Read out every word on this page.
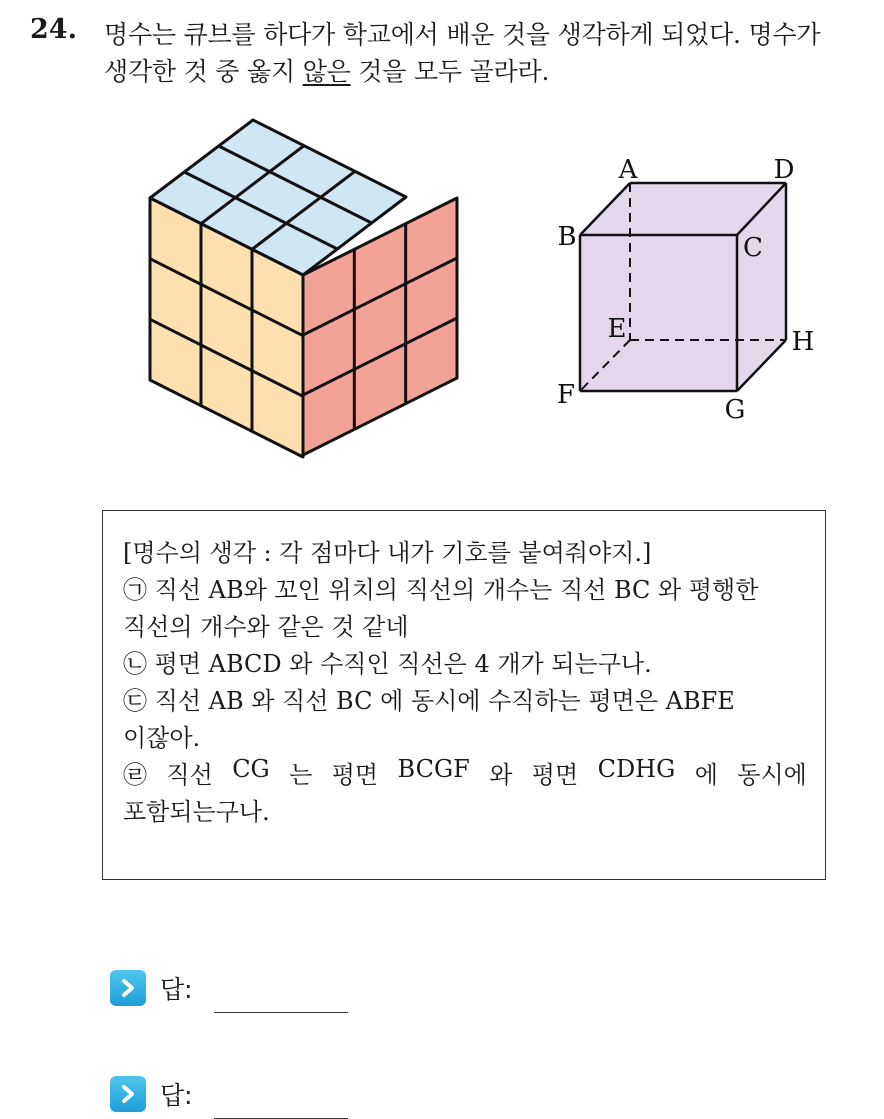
24. 명수는 큐브를 하다가 학교에서 배운 것을 생각하게 되었다. 명수가
생각한 것 중 옳지 않은 것을 모두 골라라.
A	D
B	C
E	H
F	G
[명수의 생각 : 각 점마다 내가 기호를 붙여줘야지.]
㉠ 직선 AB와 꼬인 위치의 직선의 개수는 직선 BC 와 평행한
직선의 개수와 같은 것 같네
㉡ 평면 ABCD 와 수직인 직선은 4 개가 되는구나.
㉢ 직선 AB 와 직선 BC 에 동시에 수직하는 평면은 ABFE
이잖아.
㉣ 직선 CG 는 평면 BCGF 와 평면 CDHG 에 동시에
포함되는구나.
답:
답:
